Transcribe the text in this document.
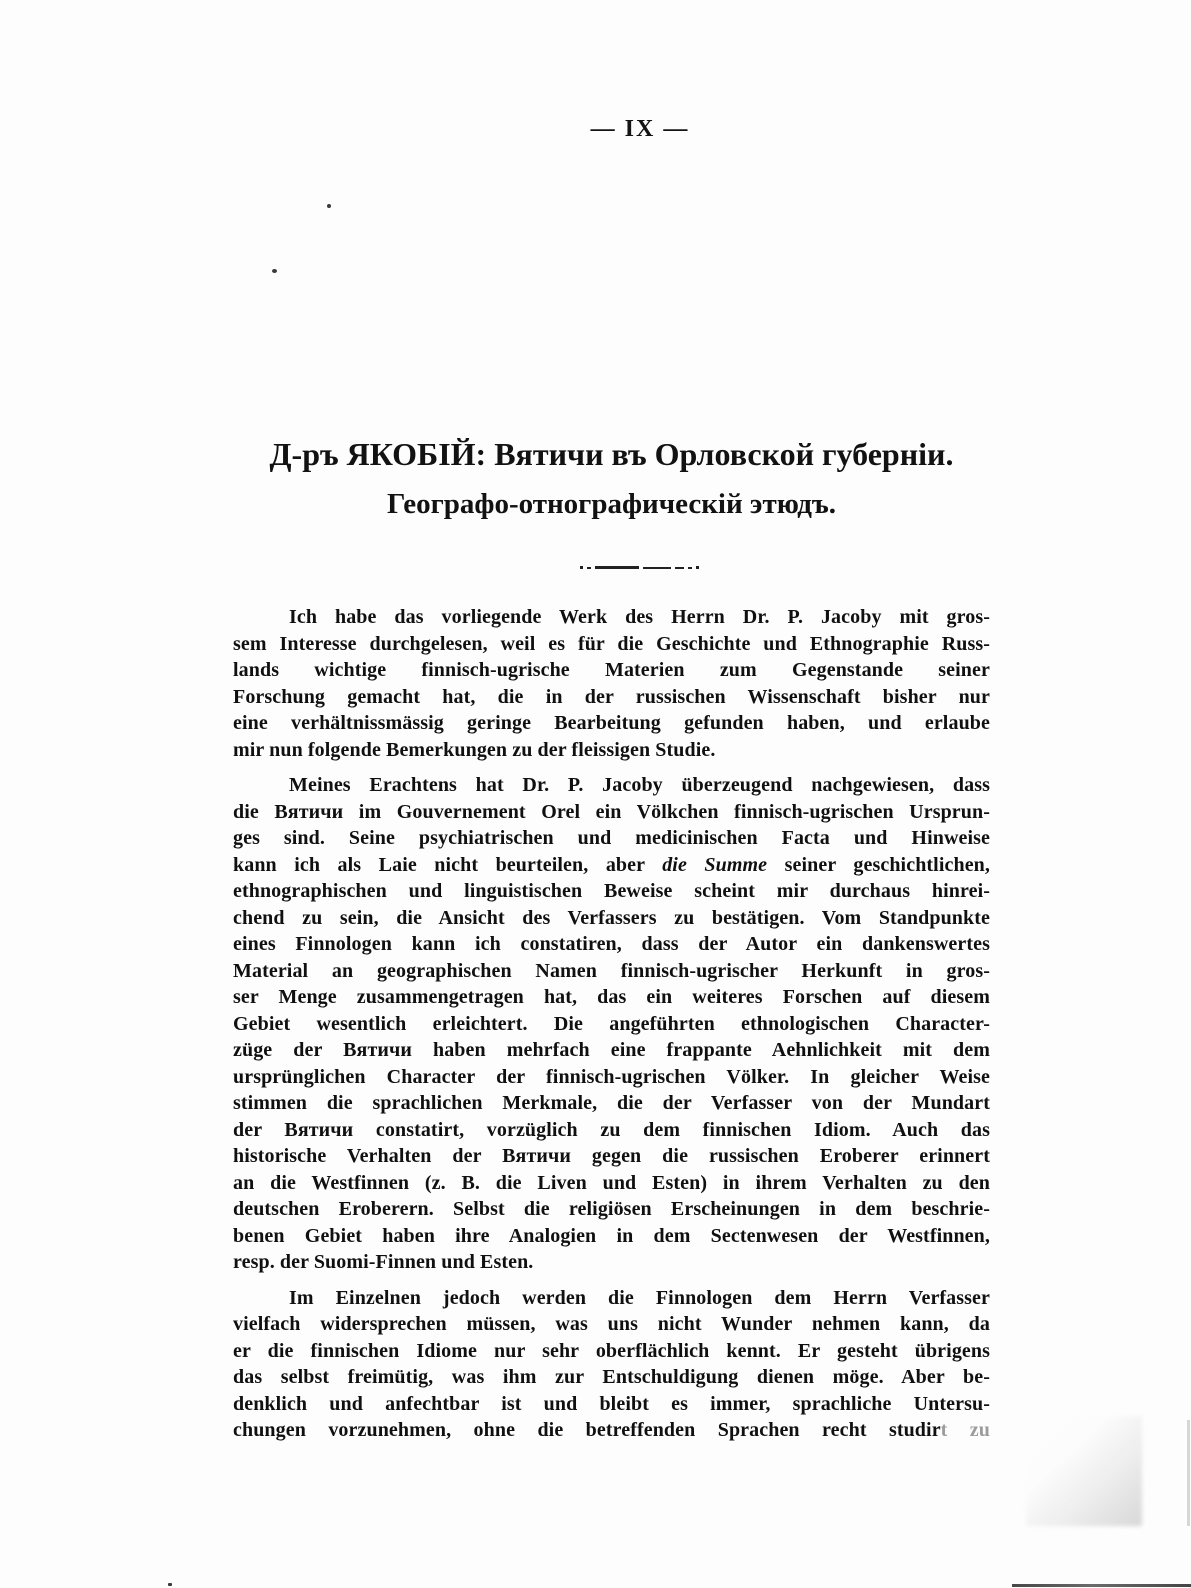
— IX —
Д-ръ ЯКОБІЙ: Вятичи въ Орловской губерніи.
Географо-отнографическій этюдъ.
Ich habe das vorliegende Werk des Herrn Dr. P. Jacoby mit gros-
sem Interesse durchgelesen, weil es für die Geschichte und Ethnographie Russ-
lands wichtige finnisch-ugrische Materien zum Gegenstande seiner
Forschung gemacht hat, die in der russischen Wissenschaft bisher nur
eine verhältnissmässig geringe Bearbeitung gefunden haben, und erlaube
mir nun folgende Bemerkungen zu der fleissigen Studie.
Meines Erachtens hat Dr. P. Jacoby überzeugend nachgewiesen, dass
die Вятичи im Gouvernement Orel ein Völkchen finnisch-ugrischen Ursprun-
ges sind. Seine psychiatrischen und medicinischen Facta und Hinweise
kann ich als Laie nicht beurteilen, aber die Summe seiner geschichtlichen,
ethnographischen und linguistischen Beweise scheint mir durchaus hinrei-
chend zu sein, die Ansicht des Verfassers zu bestätigen. Vom Standpunkte
eines Finnologen kann ich constatiren, dass der Autor ein dankenswertes
Material an geographischen Namen finnisch-ugrischer Herkunft in gros-
ser Menge zusammengetragen hat, das ein weiteres Forschen auf diesem
Gebiet wesentlich erleichtert. Die angeführten ethnologischen Character-
züge der Вятичи haben mehrfach eine frappante Aehnlichkeit mit dem
ursprünglichen Character der finnisch-ugrischen Völker. In gleicher Weise
stimmen die sprachlichen Merkmale, die der Verfasser von der Mundart
der Вятичи constatirt, vorzüglich zu dem finnischen Idiom. Auch das
historische Verhalten der Вятичи gegen die russischen Eroberer erinnert
an die Westfinnen (z. B. die Liven und Esten) in ihrem Verhalten zu den
deutschen Eroberern. Selbst die religiösen Erscheinungen in dem beschrie-
benen Gebiet haben ihre Analogien in dem Sectenwesen der Westfinnen,
resp. der Suomi-Finnen und Esten.
Im Einzelnen jedoch werden die Finnologen dem Herrn Verfasser
vielfach widersprechen müssen, was uns nicht Wunder nehmen kann, da
er die finnischen Idiome nur sehr oberflächlich kennt. Er gesteht übrigens
das selbst freimütig, was ihm zur Entschuldigung dienen möge. Aber be-
denklich und anfechtbar ist und bleibt es immer, sprachliche Untersu-
chungen vorzunehmen, ohne die betreffenden Sprachen recht studirt zu
